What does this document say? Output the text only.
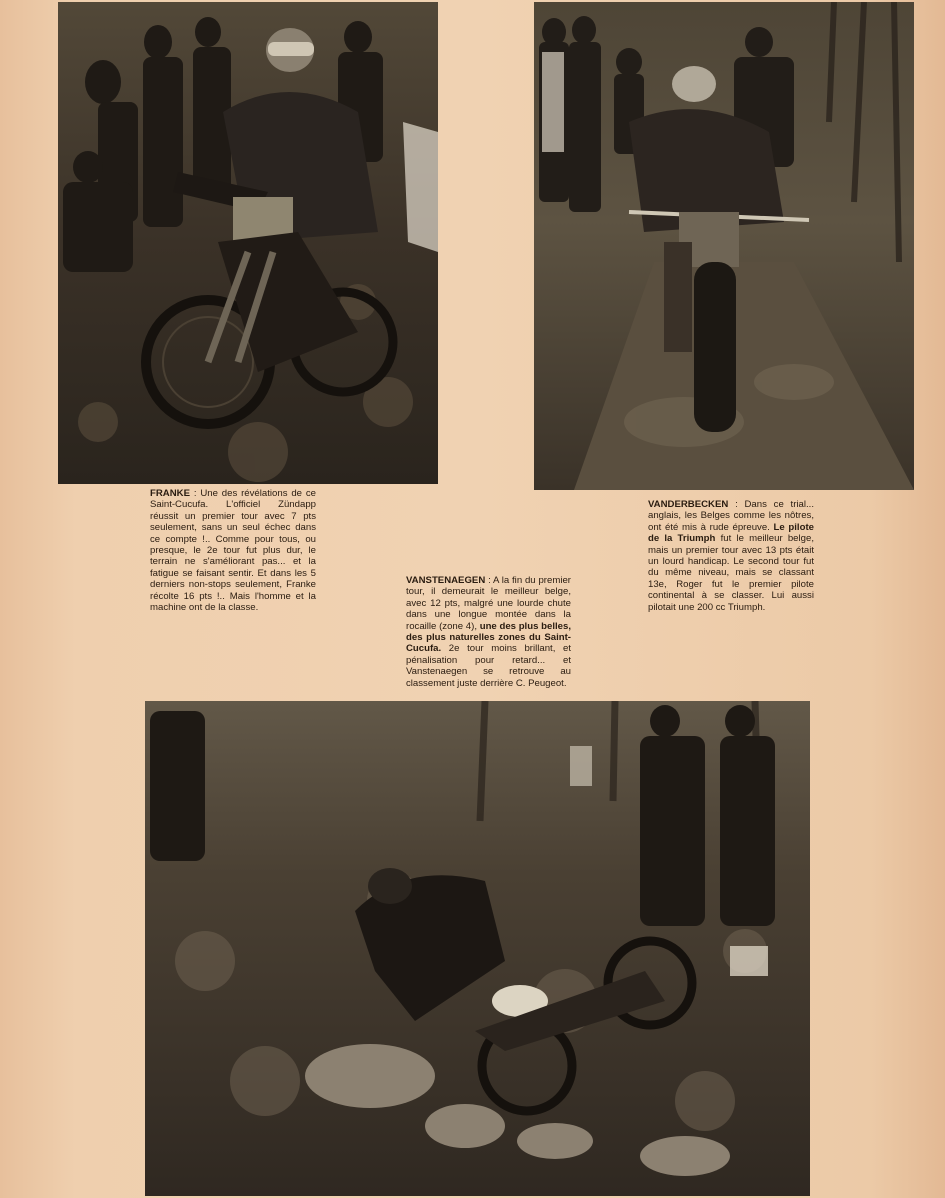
FRANKE : Une des révélations de ce Saint-Cucufa. L'officiel Zündapp réussit un premier tour avec 7 pts seulement, sans un seul échec dans ce compte !.. Comme pour tous, ou presque, le 2e tour fut plus dur, le terrain ne s'améliorant pas... et la fatigue se faisant sentir. Et dans les 5 derniers non-stops seulement, Franke récolte 16 pts !.. Mais l'homme et la machine ont de la classe.
VANSTENAEGEN : A la fin du premier tour, il demeurait le meilleur belge, avec 12 pts, malgré une lourde chute dans une longue montée dans la rocaille (zone 4), une des plus belles, des plus naturelles zones du Saint-Cucufa. 2e tour moins brillant, et pénalisation pour retard... et Vanstenaegen se retrouve au classement juste derrière C. Peugeot.
VANDERBECKEN : Dans ce trial... anglais, les Belges comme les nôtres, ont été mis à rude épreuve. Le pilote de la Triumph fut le meilleur belge, mais un premier tour avec 13 pts était un lourd handicap. Le second tour fut du même niveau, mais se classant 13e, Roger fut le premier pilote continental à se classer. Lui aussi pilotait une 200 cc Triumph.
